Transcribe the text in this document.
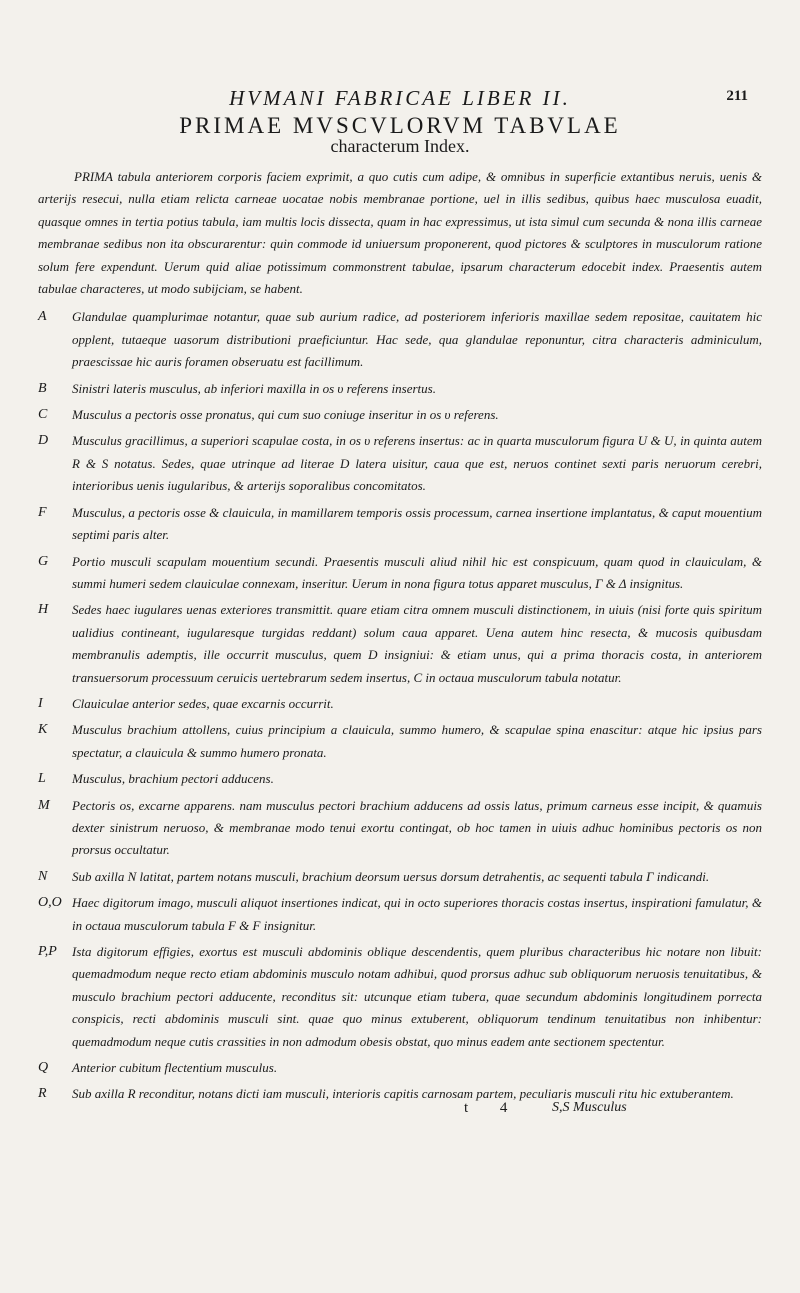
HVMANI FABRICAE LIBER II.	211
PRIMAE MVSCVLORVM TABVLAE
characterum Index.

PRIMA tabula anteriorem corporis faciem exprimit, a quo cutis cum adipe, & omnibus in superficie extantibus neruis, uenis & arterijs resecui, nulla etiam relicta carneae uocatae nobis membranae portione, uel in illis sedibus, quibus haec musculosa euadit, quasque omnes in tertia potius tabula, iam multis locis dissecta, quam in hac expressimus, ut ista simul cum secunda & nona illis carneae membranae sedibus non ita obscurarentur: quin commode id uniuersum proponerent, quod pictores & sculptores in musculorum ratione solum fere expendunt. Uerum quid aliae potissimum commonstrent tabulae, ipsarum characterum edocebit index. Praesentis autem tabulae characteres, ut modo subijciam, se habent.

A	Glandulae quamplurimae notantur, quae sub aurium radice, ad posteriorem inferioris maxillae sedem repositae, cauitatem hic opplent, tutaeque uasorum distributioni praeficiuntur. Hac sede, qua glandulae reponuntur, citra characteris adminiculum, praescissae hic auris foramen obseruatu est facillimum.
B	Sinistri lateris musculus, ab inferiori maxilla in os υ referens insertus.
C	Musculus a pectoris osse pronatus, qui cum suo coniuge inseritur in os υ referens.
D	Musculus gracillimus, a superiori scapulae costa, in os υ referens insertus: ac in quarta musculorum figura U & U, in quinta autem R & S notatus. Sedes, quae utrinque ad literae D latera uisitur, caua que est, neruos continet sexti paris neruorum cerebri, interioribus uenis iugularibus, & arterijs soporalibus concomitatos.
F	Musculus, a pectoris osse & clauicula, in mamillarem temporis ossis processum, carnea insertione implantatus, & caput mouentium septimi paris alter.
G	Portio musculi scapulam mouentium secundi. Praesentis musculi aliud nihil hic est conspicuum, quam quod in clauiculam, & summi humeri sedem clauiculae connexam, inseritur. Uerum in nona figura totus apparet musculus, Γ & Δ insignitus.
H	Sedes haec iugulares uenas exteriores transmittit. quare etiam citra omnem musculi distinctionem, in uiuis (nisi forte quis spiritum ualidius contineant, iugularesque turgidas reddant) solum caua apparet. Uena autem hinc resecta, & mucosis quibusdam membranulis ademptis, ille occurrit musculus, quem D insigniui: & etiam unus, qui a prima thoracis costa, in anteriorem transuersorum processuum ceruicis uertebrarum sedem insertus, C in octaua musculorum tabula notatur.
I	Clauiculae anterior sedes, quae excarnis occurrit.
K	Musculus brachium attollens, cuius principium a clauicula, summo humero, & scapulae spina enascitur: atque hic ipsius pars spectatur, a clauicula & summo humero pronata.
L	Musculus, brachium pectori adducens.
M	Pectoris os, excarne apparens. nam musculus pectori brachium adducens ad ossis latus, primum carneus esse incipit, & quamuis dexter sinistrum neruoso, & membranae modo tenui exortu contingat, ob hoc tamen in uiuis adhuc hominibus pectoris os non prorsus occultatur.
N	Sub axilla N latitat, partem notans musculi, brachium deorsum uersus dorsum detrahentis, ac sequenti tabula Γ indicandi.
O,O Haec digitorum imago, musculi aliquot insertiones indicat, qui in octo superiores thoracis costas insertus, inspirationi famulatur, & in octaua musculorum tabula F & F insignitur.
P,P	Ista digitorum effigies, exortus est musculi abdominis oblique descendentis, quem pluribus characteribus hic notare non libuit: quemadmodum neque recto etiam abdominis musculo notam adhibui, quod prorsus adhuc sub obliquorum neruosis tenuitatibus, & musculo brachium pectori adducente, reconditus sit: utcunque etiam tubera, quae secundum abdominis longitudinem porrecta conspicis, recti abdominis musculi sint. quae quo minus extuberent, obliquorum tendinum tenuitatibus non inhibentur: quemadmodum neque cutis crassities in non admodum obesis obstat, quo minus eadem ante sectionem spectentur.
Q	Anterior cubitum flectentium musculus.
R	Sub axilla R reconditur, notans dicti iam musculi, interioris capitis carnosam partem, peculiaris musculi ritu hic extuberantem.
t 4 S,S Musculus
